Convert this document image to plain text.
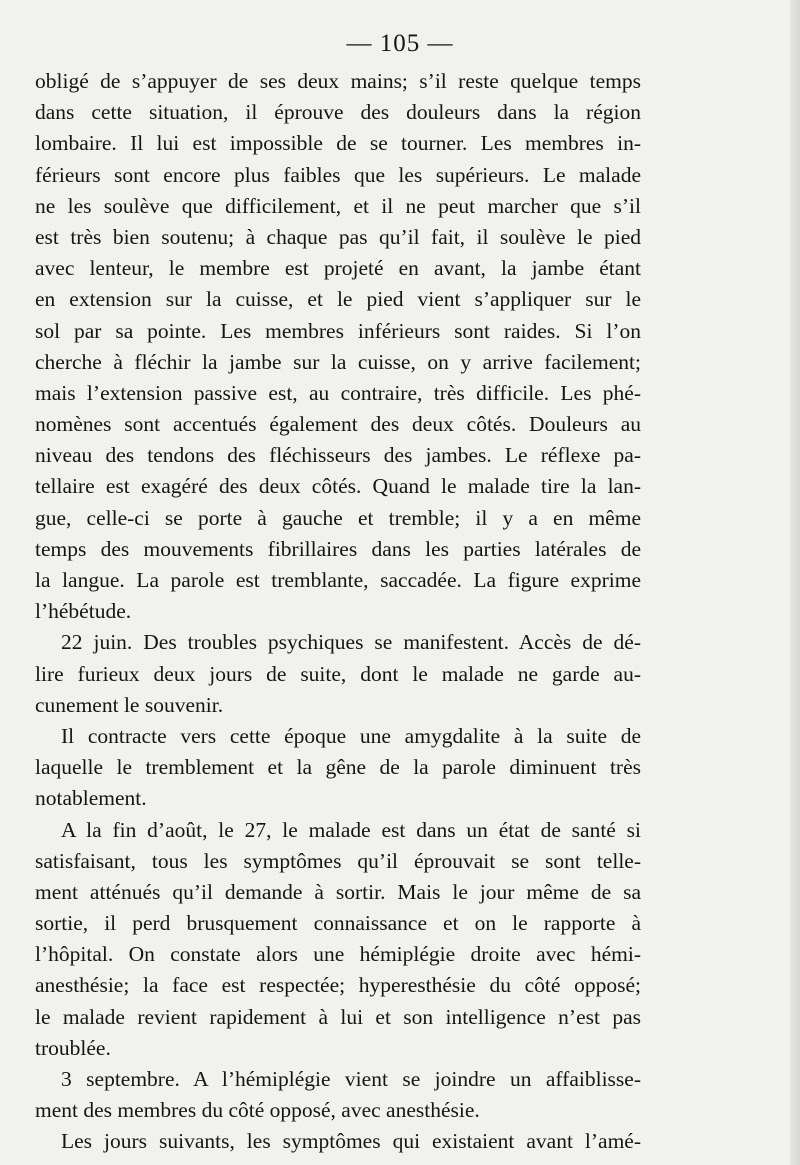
— 105 —
obligé de s’appuyer de ses deux mains; s’il reste quelque temps
dans cette situation, il éprouve des douleurs dans la région
lombaire. Il lui est impossible de se tourner. Les membres in-
férieurs sont encore plus faibles que les supérieurs. Le malade
ne les soulève que difficilement, et il ne peut marcher que s’il
est très bien soutenu; à chaque pas qu’il fait, il soulève le pied
avec lenteur, le membre est projeté en avant, la jambe étant
en extension sur la cuisse, et le pied vient s’appliquer sur le
sol par sa pointe. Les membres inférieurs sont raides. Si l’on
cherche à fléchir la jambe sur la cuisse, on y arrive facilement;
mais l’extension passive est, au contraire, très difficile. Les phé-
nomènes sont accentués également des deux côtés. Douleurs au
niveau des tendons des fléchisseurs des jambes. Le réflexe pa-
tellaire est exagéré des deux côtés. Quand le malade tire la lan-
gue, celle-ci se porte à gauche et tremble; il y a en même
temps des mouvements fibrillaires dans les parties latérales de
la langue. La parole est tremblante, saccadée. La figure exprime
l’hébétude.
22 juin. Des troubles psychiques se manifestent. Accès de dé-
lire furieux deux jours de suite, dont le malade ne garde au-
cunement le souvenir.
Il contracte vers cette époque une amygdalite à la suite de
laquelle le tremblement et la gêne de la parole diminuent très
notablement.
A la fin d’août, le 27, le malade est dans un état de santé si
satisfaisant, tous les symptômes qu’il éprouvait se sont telle-
ment atténués qu’il demande à sortir. Mais le jour même de sa
sortie, il perd brusquement connaissance et on le rapporte à
l’hôpital. On constate alors une hémiplégie droite avec hémi-
anesthésie; la face est respectée; hyperesthésie du côté opposé;
le malade revient rapidement à lui et son intelligence n’est pas
troublée.
3 septembre. A l’hémiplégie vient se joindre un affaiblisse-
ment des membres du côté opposé, avec anesthésie.
Les jours suivants, les symptômes qui existaient avant l’amé-
